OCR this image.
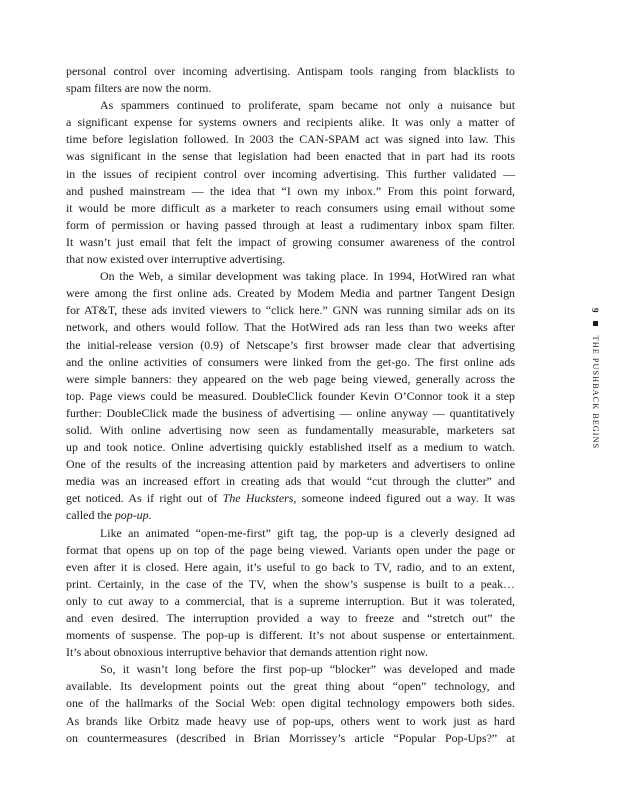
personal control over incoming advertising. Antispam tools ranging from blacklists to
spam filters are now the norm.
As spammers continued to proliferate, spam became not only a nuisance but
a significant expense for systems owners and recipients alike. It was only a matter of
time before legislation followed. In 2003 the CAN-SPAM act was signed into law. This
was significant in the sense that legislation had been enacted that in part had its roots
in the issues of recipient control over incoming advertising. This further validated —
and pushed mainstream — the idea that “I own my inbox.” From this point forward,
it would be more difficult as a marketer to reach consumers using email without some
form of permission or having passed through at least a rudimentary inbox spam filter.
It wasn’t just email that felt the impact of growing consumer awareness of the control
that now existed over interruptive advertising.
On the Web, a similar development was taking place. In 1994, HotWired ran what
were among the first online ads. Created by Modem Media and partner Tangent Design
for AT&T, these ads invited viewers to “click here.” GNN was running similar ads on its
network, and others would follow. That the HotWired ads ran less than two weeks after
the initial-release version (0.9) of Netscape’s first browser made clear that advertising
and the online activities of consumers were linked from the get-go. The first online ads
were simple banners: they appeared on the web page being viewed, generally across the
top. Page views could be measured. DoubleClick founder Kevin O’Connor took it a step
further: DoubleClick made the business of advertising — online anyway — quantitatively
solid. With online advertising now seen as fundamentally measurable, marketers sat
up and took notice. Online advertising quickly established itself as a medium to watch.
One of the results of the increasing attention paid by marketers and advertisers to online
media was an increased effort in creating ads that would “cut through the clutter” and
get noticed. As if right out of The Hucksters, someone indeed figured out a way. It was
called the pop-up.
Like an animated “open-me-first” gift tag, the pop-up is a cleverly designed ad
format that opens up on top of the page being viewed. Variants open under the page or
even after it is closed. Here again, it’s useful to go back to TV, radio, and to an extent,
print. Certainly, in the case of the TV, when the show’s suspense is built to a peak…
only to cut away to a commercial, that is a supreme interruption. But it was tolerated,
and even desired. The interruption provided a way to freeze and “stretch out” the
moments of suspense. The pop-up is different. It’s not about suspense or entertainment.
It’s about obnoxious interruptive behavior that demands attention right now.
So, it wasn’t long before the first pop-up “blocker” was developed and made
available. Its development points out the great thing about “open” technology, and
one of the hallmarks of the Social Web: open digital technology empowers both sides.
As brands like Orbitz made heavy use of pop-ups, others went to work just as hard
on countermeasures (described in Brian Morrissey’s article “Popular Pop-Ups?” at
9  THE PUSHBACK BEGINS
